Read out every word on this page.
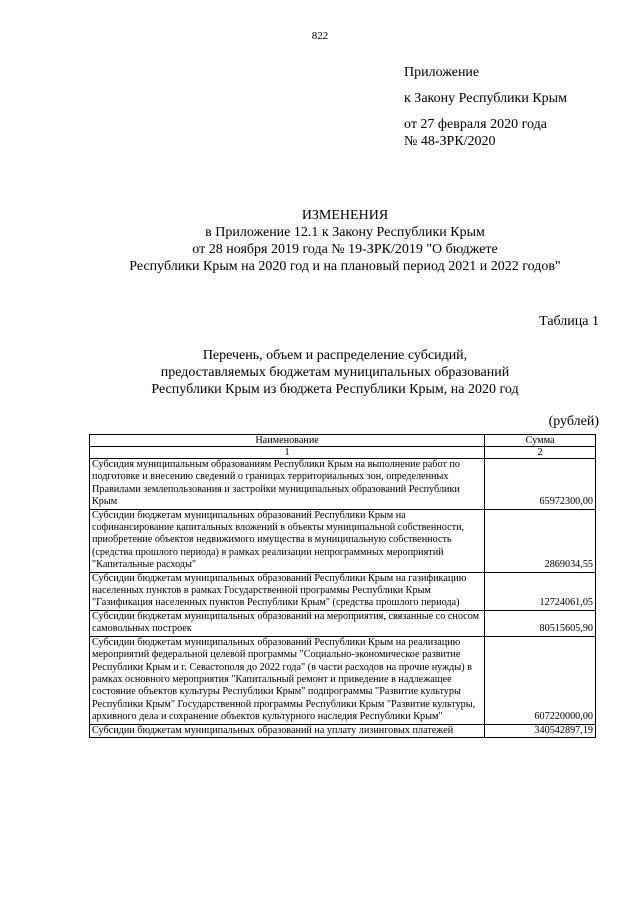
822
Приложение
к Закону Республики Крым
от 27 февраля 2020 года
№ 48-ЗРК/2020
ИЗМЕНЕНИЯ
в Приложение 12.1 к Закону Республики Крым
от 28 ноября 2019 года № 19-ЗРК/2019 "О бюджете
Республики Крым на 2020 год и на плановый период 2021 и 2022 годов"
Таблица 1
Перечень, объем и распределение субсидий,
предоставляемых бюджетам муниципальных образований
Республики Крым из бюджета Республики Крым, на 2020 год
(рублей)
Наименование	Сумма
1	2
Субсидия муниципальным образованиям Республики Крым на выполнение работ по подготовке и внесению сведений о границах территориальных зон, определенных Правилами землепользования и застройки муниципальных образований Республики Крым	65972300,00
Субсидии бюджетам муниципальных образований Республики Крым на софинансирование капитальных вложений в объекты муниципальной собственности, приобретение объектов недвижимого имущества в муниципальную собственность (средства прошлого периода) в рамках реализации непрограммных мероприятий "Капитальные расходы"	2869034,55
Субсидии бюджетам муниципальных образований Республики Крым на газификацию населенных пунктов в рамках Государственной программы Республики Крым "Газификация населенных пунктов Республики Крым" (средства прошлого периода)	12724061,05
Субсидии бюджетам муниципальных образований на мероприятия, связанные со сносом самовольных построек	80515605,90
Субсидии бюджетам муниципальных образований Республики Крым на реализацию мероприятий федеральной целевой программы "Социально-экономическое развитие Республики Крым и г. Севастополя до 2022 года" (в части расходов на прочие нужды) в рамках основного мероприятия "Капитальный ремонт и приведение в надлежащее состояние объектов культуры Республики Крым" подпрограммы "Развитие культуры Республики Крым" Государственной программы Республики Крым "Развитие культуры, архивного дела и сохранение объектов культурного наследия Республики Крым"	607220000,00
Субсидии бюджетам муниципальных образований на уплату лизинговых платежей	340542897,19
